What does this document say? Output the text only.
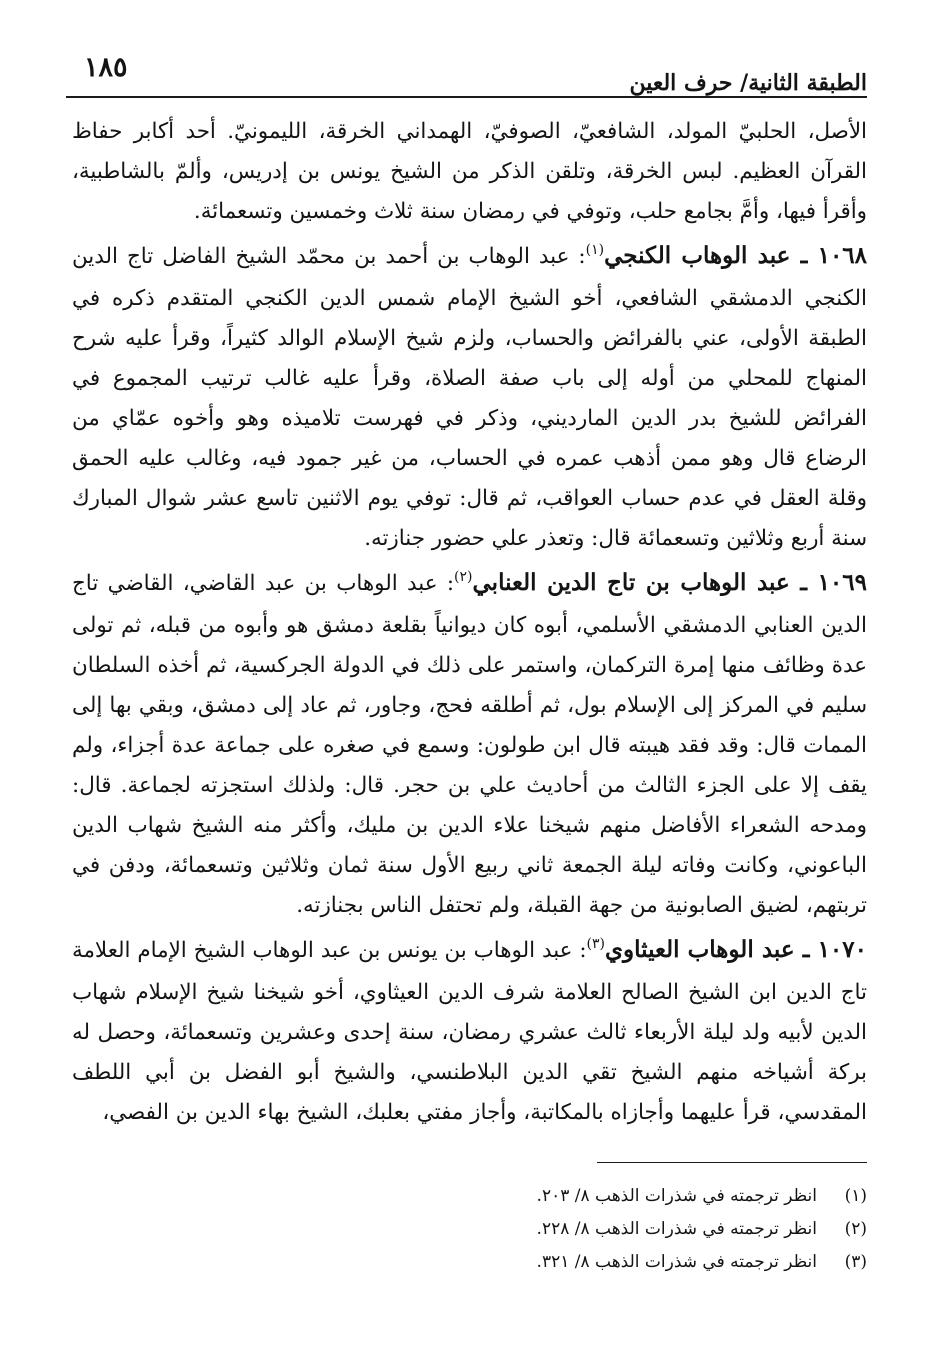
١٨٥	الطبقة الثانية/ حرف العين

الأصل، الحلبيّ المولد، الشافعيّ، الصوفيّ، الهمداني الخرقة، الليمونيّ. أحد أكابر حفاظ القرآن العظيم. لبس الخرقة، وتلقن الذكر من الشيخ يونس بن إدريس، وألمّ بالشاطبية، وأقرأ فيها، وأمَّ بجامع حلب، وتوفي في رمضان سنة ثلاث وخمسين وتسعمائة.

١٠٦٨ ـ عبد الوهاب الكنجي$^{(١)}$: عبد الوهاب بن أحمد بن محمّد الشيخ الفاضل تاج الدين الكنجي الدمشقي الشافعي، أخو الشيخ الإمام شمس الدين الكنجي المتقدم ذكره في الطبقة الأولى، عني بالفرائض والحساب، ولزم شيخ الإسلام الوالد كثيراً، وقرأ عليه شرح المنهاج للمحلي من أوله إلى باب صفة الصلاة، وقرأ عليه غالب ترتيب المجموع في الفرائض للشيخ بدر الدين المارديني، وذكر في فهرست تلاميذه وهو وأخوه عمّاي من الرضاع قال وهو ممن أذهب عمره في الحساب، من غير جمود فيه، وغالب عليه الحمق وقلة العقل في عدم حساب العواقب، ثم قال: توفي يوم الاثنين تاسع عشر شوال المبارك سنة أربع وثلاثين وتسعمائة قال: وتعذر علي حضور جنازته.

١٠٦٩ ـ عبد الوهاب بن تاج الدين العنابي$^{(٢)}$: عبد الوهاب بن عبد القاضي، القاضي تاج الدين العنابي الدمشقي الأسلمي، أبوه كان ديوانياً بقلعة دمشق هو وأبوه من قبله، ثم تولى عدة وظائف منها إمرة التركمان، واستمر على ذلك في الدولة الجركسية، ثم أخذه السلطان سليم في المركز إلى الإسلام بول، ثم أطلقه فحج، وجاور، ثم عاد إلى دمشق، وبقي بها إلى الممات قال: وقد فقد هيبته قال ابن طولون: وسمع في صغره على جماعة عدة أجزاء، ولم يقف إلا على الجزء الثالث من أحاديث علي بن حجر. قال: ولذلك استجزته لجماعة. قال: ومدحه الشعراء الأفاضل منهم شيخنا علاء الدين بن مليك، وأكثر منه الشيخ شهاب الدين الباعوني، وكانت وفاته ليلة الجمعة ثاني ربيع الأول سنة ثمان وثلاثين وتسعمائة، ودفن في تربتهم، لضيق الصابونية من جهة القبلة، ولم تحتفل الناس بجنازته.

١٠٧٠ ـ عبد الوهاب العيثاوي$^{(٣)}$: عبد الوهاب بن يونس بن عبد الوهاب الشيخ الإمام العلامة تاج الدين ابن الشيخ الصالح العلامة شرف الدين العيثاوي، أخو شيخنا شيخ الإسلام شهاب الدين لأبيه ولد ليلة الأربعاء ثالث عشري رمضان، سنة إحدى وعشرين وتسعمائة، وحصل له بركة أشياخه منهم الشيخ تقي الدين البلاطنسي، والشيخ أبو الفضل بن أبي اللطف المقدسي، قرأ عليهما وأجازاه بالمكاتبة، وأجاز مفتي بعلبك، الشيخ بهاء الدين بن الفصي،

(١)
انظر ترجمته في شذرات الذهب ٨/ ٢٠٣.
(٢)
انظر ترجمته في شذرات الذهب ٨/ ٢٢٨.
(٣)
انظر ترجمته في شذرات الذهب ٨/ ٣٢١.
